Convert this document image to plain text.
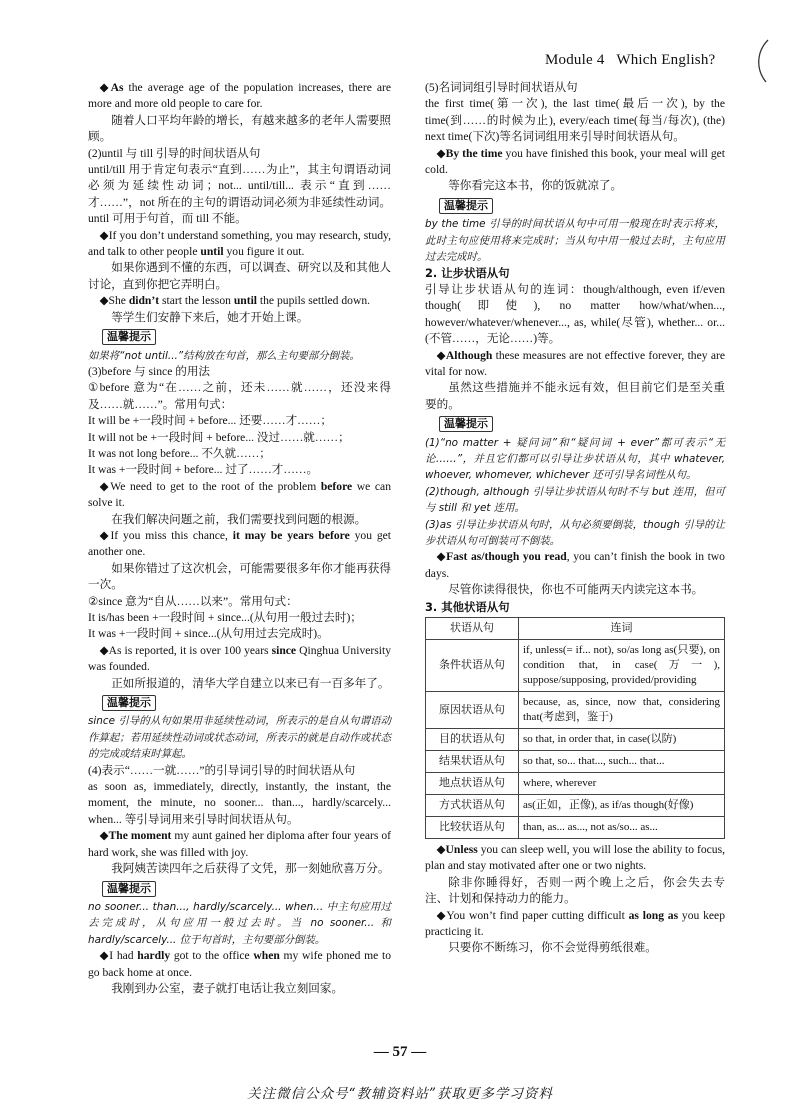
Module 4 Which English?

◆As the average age of the population increases, there are more and more old people to care for.

随着人口平均年龄的增长，有越来越多的老年人需要照顾。

(2)until 与 till 引导的时间状语从句

until/till 用于肯定句表示“直到……为止”，其主句谓语动词必须为延续性动词；not... until/till... 表示“直到……才……”，not 所在的主句的谓语动词必须为非延续性动词。until 可用于句首，而 till 不能。

◆If you don’t understand something, you may research, study, and talk to other people until you figure it out.

如果你遇到不懂的东西，可以调查、研究以及和其他人讨论，直到你把它弄明白。

◆She didn’t start the lesson until the pupils settled down.

等学生们安静下来后，她才开始上课。

温馨提示

如果将“not until...”结构放在句首，那么主句要部分倒装。

(3)before 与 since 的用法

①before 意为“在……之前，还未……就……，还没来得及……就……”。常用句式：

It will be +一段时间 + before... 还要……才……；

It will not be +一段时间 + before... 没过……就……；

It was not long before... 不久就……；

It was +一段时间 + before... 过了……才……。

◆We need to get to the root of the problem before we can solve it.

在我们解决问题之前，我们需要找到问题的根源。

◆If you miss this chance, it may be years before you get another one.

如果你错过了这次机会，可能需要很多年你才能再获得一次。

②since 意为“自从……以来”。常用句式：

It is/has been +一段时间 + since...(从句用一般过去时)；

It was +一段时间 + since...(从句用过去完成时)。

◆As is reported, it is over 100 years since Qinghua University was founded.

正如所报道的，清华大学自建立以来已有一百多年了。

温馨提示

since 引导的从句如果用非延续性动词，所表示的是自从句谓语动作算起；若用延续性动词或状态动词，所表示的就是自动作或状态的完成或结束时算起。

(4)表示“……一就……”的引导词引导的时间状语从句

as soon as, immediately, directly, instantly, the instant, the moment, the minute, no sooner... than..., hardly/scarcely... when... 等引导词用来引导时间状语从句。

◆The moment my aunt gained her diploma after four years of hard work, she was filled with joy.

我阿姨苦读四年之后获得了文凭，那一刻她欣喜万分。

温馨提示

no sooner... than..., hardly/scarcely... when... 中主句应用过去完成时，从句应用一般过去时。当 no sooner... 和 hardly/scarcely... 位于句首时，主句要部分倒装。

◆I had hardly got to the office when my wife phoned me to go back home at once.

我刚到办公室，妻子就打电话让我立刻回家。

(5)名词词组引导时间状语从句

the first time(第一次), the last time(最后一次), by the time(到……的时候为止), every/each time(每当/每次), (the) next time(下次)等名词词组用来引导时间状语从句。

◆By the time you have finished this book, your meal will get cold.

等你看完这本书，你的饭就凉了。

温馨提示

by the time 引导的时间状语从句中可用一般现在时表示将来，此时主句应使用将来完成时；当从句中用一般过去时，主句应用过去完成时。

2. 让步状语从句

引导让步状语从句的连词：though/although, even if/even though(即使), no matter how/what/when..., however/whatever/whenever..., as, while(尽管), whether... or...(不管……，无论……)等。

◆Although these measures are not effective forever, they are vital for now.

虽然这些措施并不能永远有效，但目前它们是至关重要的。

温馨提示

(1)“no matter + 疑问词”和“疑问词 + ever”都可表示“无论……”，并且它们都可以引导让步状语从句，其中 whatever, whoever, whomever, whichever 还可引导名词性从句。

(2)though, although 引导让步状语从句时不与 but 连用，但可与 still 和 yet 连用。

(3)as 引导让步状语从句时，从句必须要倒装，though 引导的让步状语从句可倒装可不倒装。

◆Fast as/though you read, you can’t finish the book in two days.

尽管你读得很快，你也不可能两天内读完这本书。

3. 其他状语从句

状语从句	连词
条件状语从句	if, unless(= if... not), so/as long as(只要), on condition that, in case(万一), suppose/supposing, provided/providing
原因状语从句	because, as, since, now that, considering that(考虑到，鉴于)
目的状语从句	so that, in order that, in case(以防)
结果状语从句	so that, so... that..., such... that...
地点状语从句	where, wherever
方式状语从句	as(正如，正像), as if/as though(好像)
比较状语从句	than, as... as..., not as/so... as...

◆Unless you can sleep well, you will lose the ability to focus, plan and stay motivated after one or two nights.

除非你睡得好，否则一两个晚上之后，你会失去专注、计划和保持动力的能力。

◆You won’t find paper cutting difficult as long as you keep practicing it.

只要你不断练习，你不会觉得剪纸很难。

— 57 —
关注微信公众号“教辅资料站”获取更多学习资料
